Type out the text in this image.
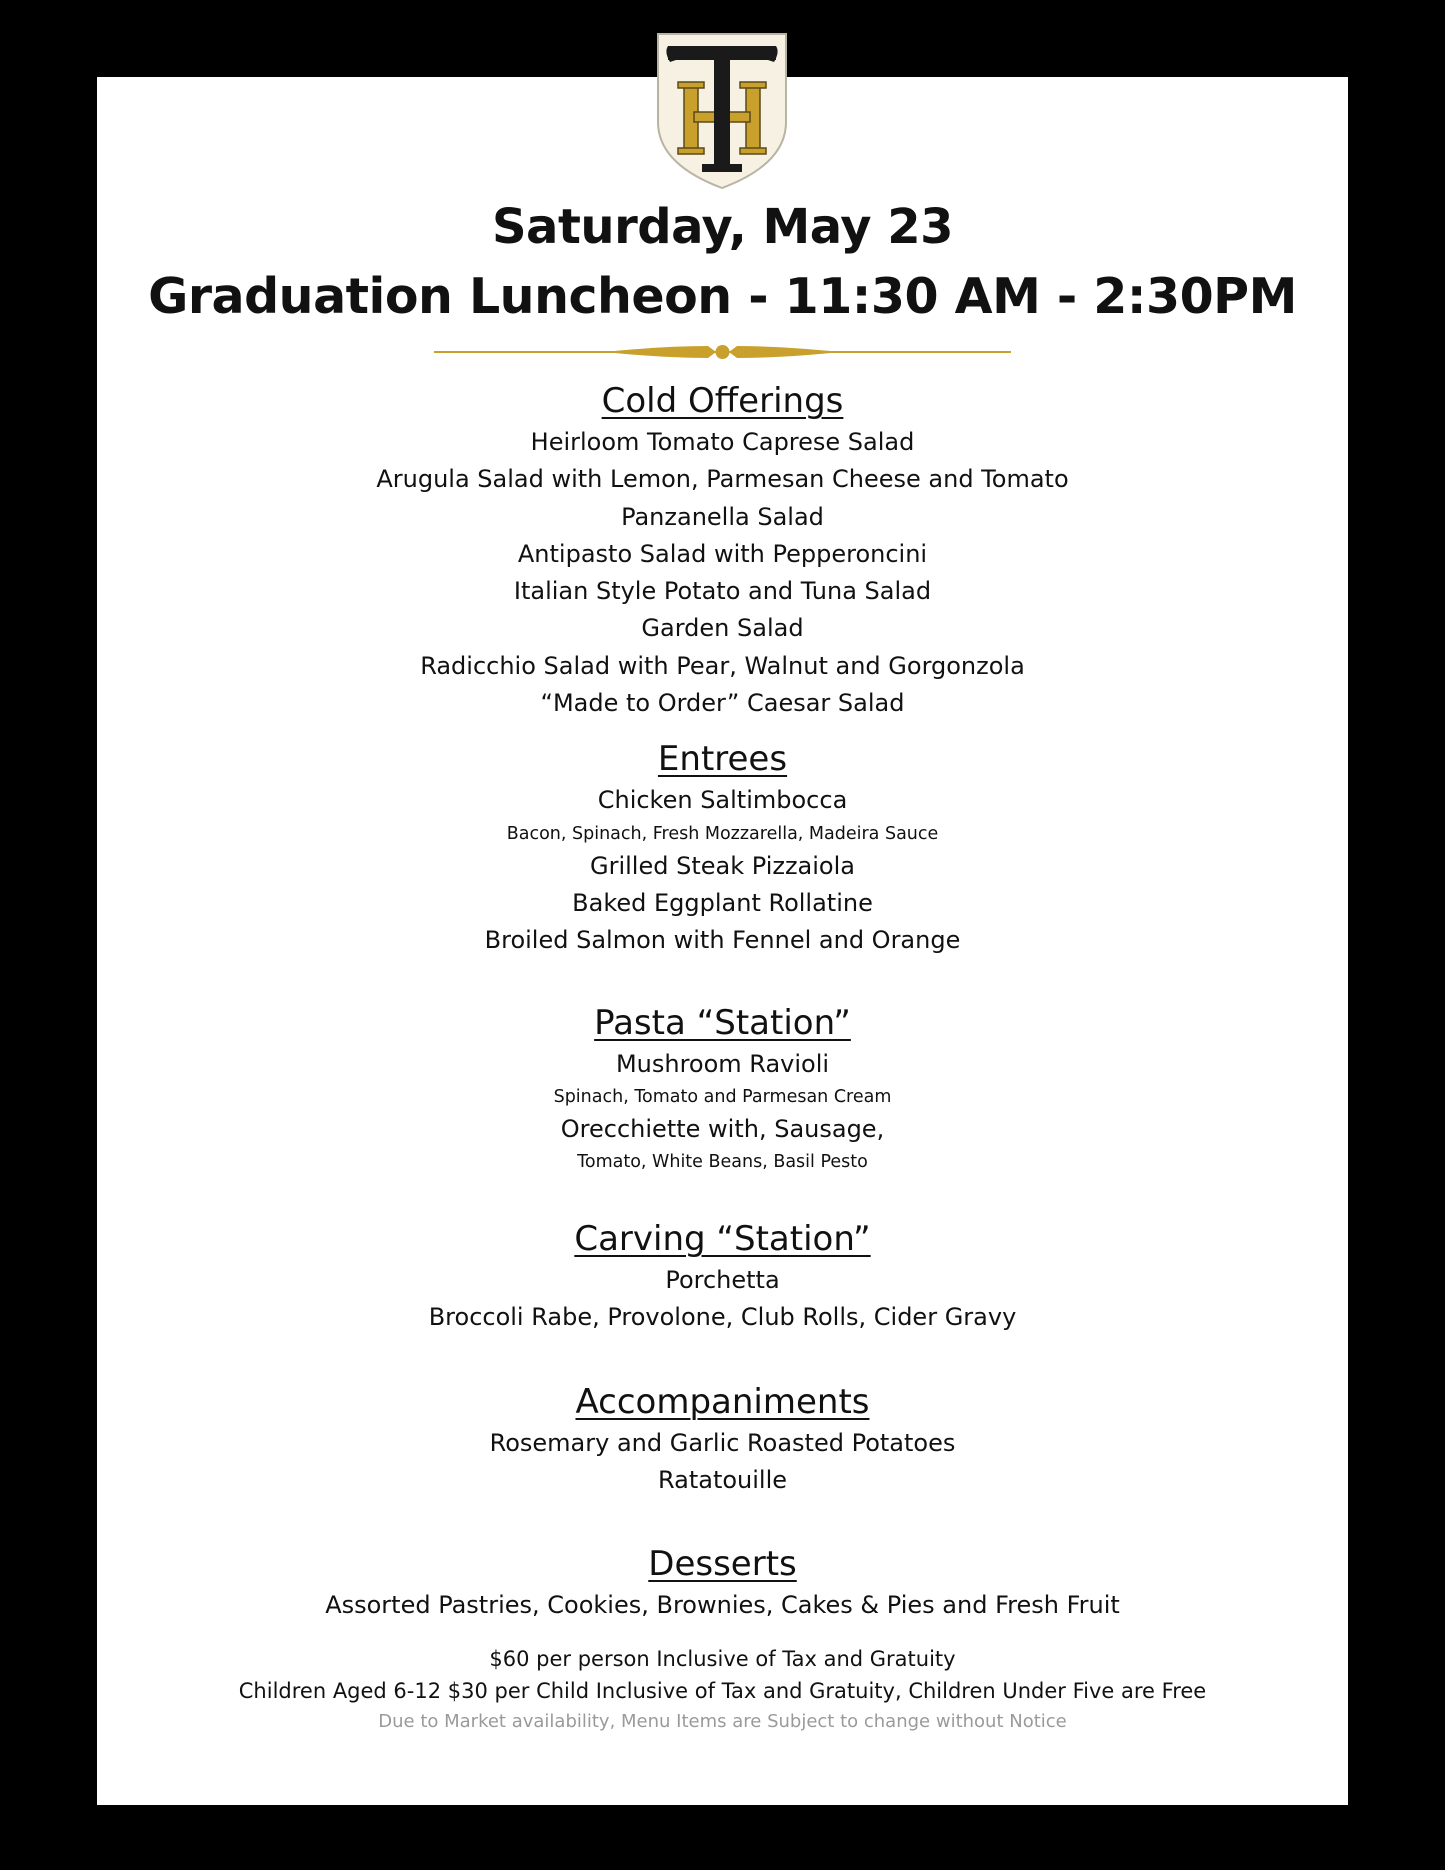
Saturday, May 23
Graduation Luncheon - 11:30 AM - 2:30PM

Cold Offerings

Heirloom Tomato Caprese Salad

Arugula Salad with Lemon, Parmesan Cheese and Tomato

Panzanella Salad

Antipasto Salad with Pepperoncini

Italian Style Potato and Tuna Salad

Garden Salad

Radicchio Salad with Pear, Walnut and Gorgonzola

“Made to Order” Caesar Salad

Entrees

Chicken Saltimbocca

Bacon, Spinach, Fresh Mozzarella, Madeira Sauce

Grilled Steak Pizzaiola

Baked Eggplant Rollatine

Broiled Salmon with Fennel and Orange

Pasta “Station”

Mushroom Ravioli

Spinach, Tomato and Parmesan Cream

Orecchiette with, Sausage,

Tomato, White Beans, Basil Pesto

Carving “Station”

Porchetta

Broccoli Rabe, Provolone, Club Rolls, Cider Gravy

Accompaniments

Rosemary and Garlic Roasted Potatoes

Ratatouille

Desserts

Assorted Pastries, Cookies, Brownies, Cakes & Pies and Fresh Fruit

$60 per person Inclusive of Tax and Gratuity

Children Aged 6-12 $30 per Child Inclusive of Tax and Gratuity, Children Under Five are Free

Due to Market availability, Menu Items are Subject to change without Notice
